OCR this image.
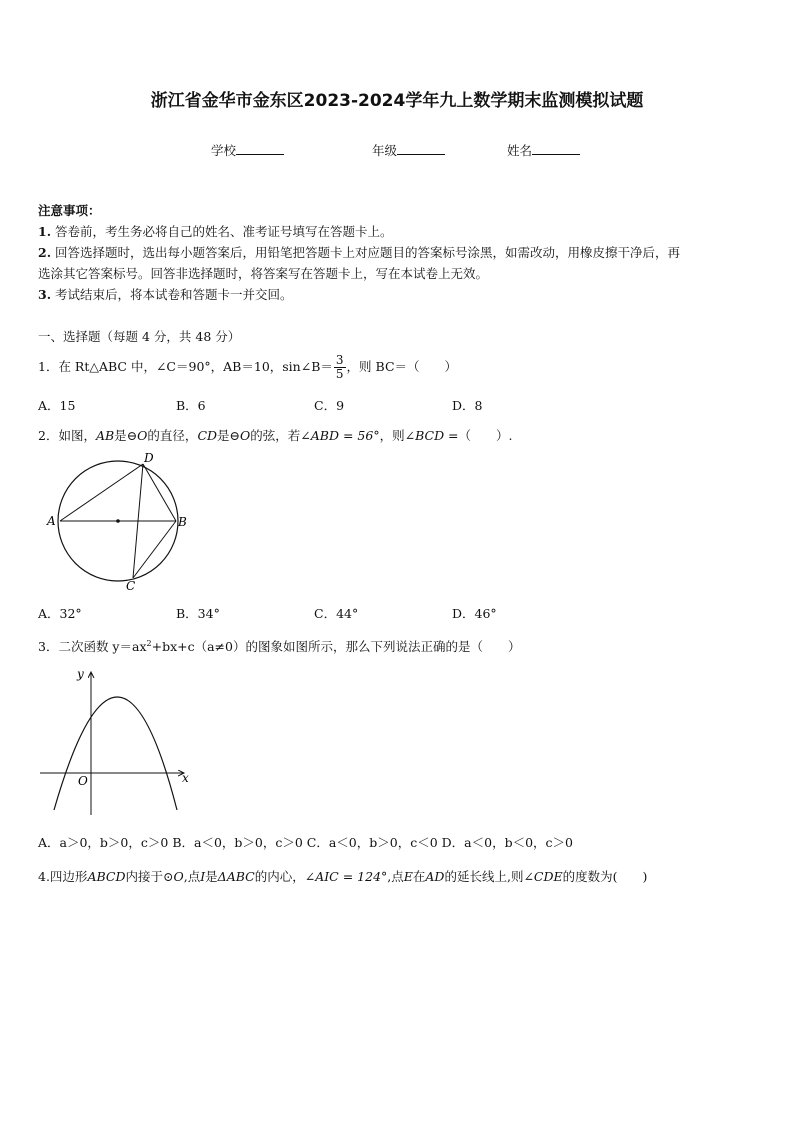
浙江省金华市金东区2023-2024学年九上数学期末监测模拟试题
学校	年级	姓名
注意事项：
1. 答卷前，考生务必将自己的姓名、准考证号填写在答题卡上。
2. 回答选择题时，选出每小题答案后，用铅笔把答题卡上对应题目的答案标号涂黑，如需改动，用橡皮擦干净后，再
选涂其它答案标号。回答非选择题时，将答案写在答题卡上，写在本试卷上无效。
3. 考试结束后，将本试卷和答题卡一并交回。
一、选择题（每题 4 分，共 48 分）
1．在 Rt△ABC 中，∠C＝90°，AB＝10，sin∠B＝ $\frac{3}{5}$ ，则 BC＝（　　）
A．15	B．6	C．9	D．8
2．如图，AB是⊖O的直径，CD是⊖O的弦，若∠ABD = 56°，则∠BCD =（　　）.
A	B
D
C
A．32°	B．34°	C．44°	D．46°
3．二次函数 $y=ax^2+bx+c(a\ne 0)$的图象如图所示，那么下列说法正确的是（　　）
y
x
O
A．a＞0，b＞0，c＞0 B．a＜0，b＞0，c＞0 C．a＜0，b＞0，c＜0 D．a＜0，b＜0，c＞0
4.四边形ABCD内接于⊙O,点I是ΔABC的内心，∠AIC = 124°,点E在AD的延长线上,则∠CDE的度数为(　　)
